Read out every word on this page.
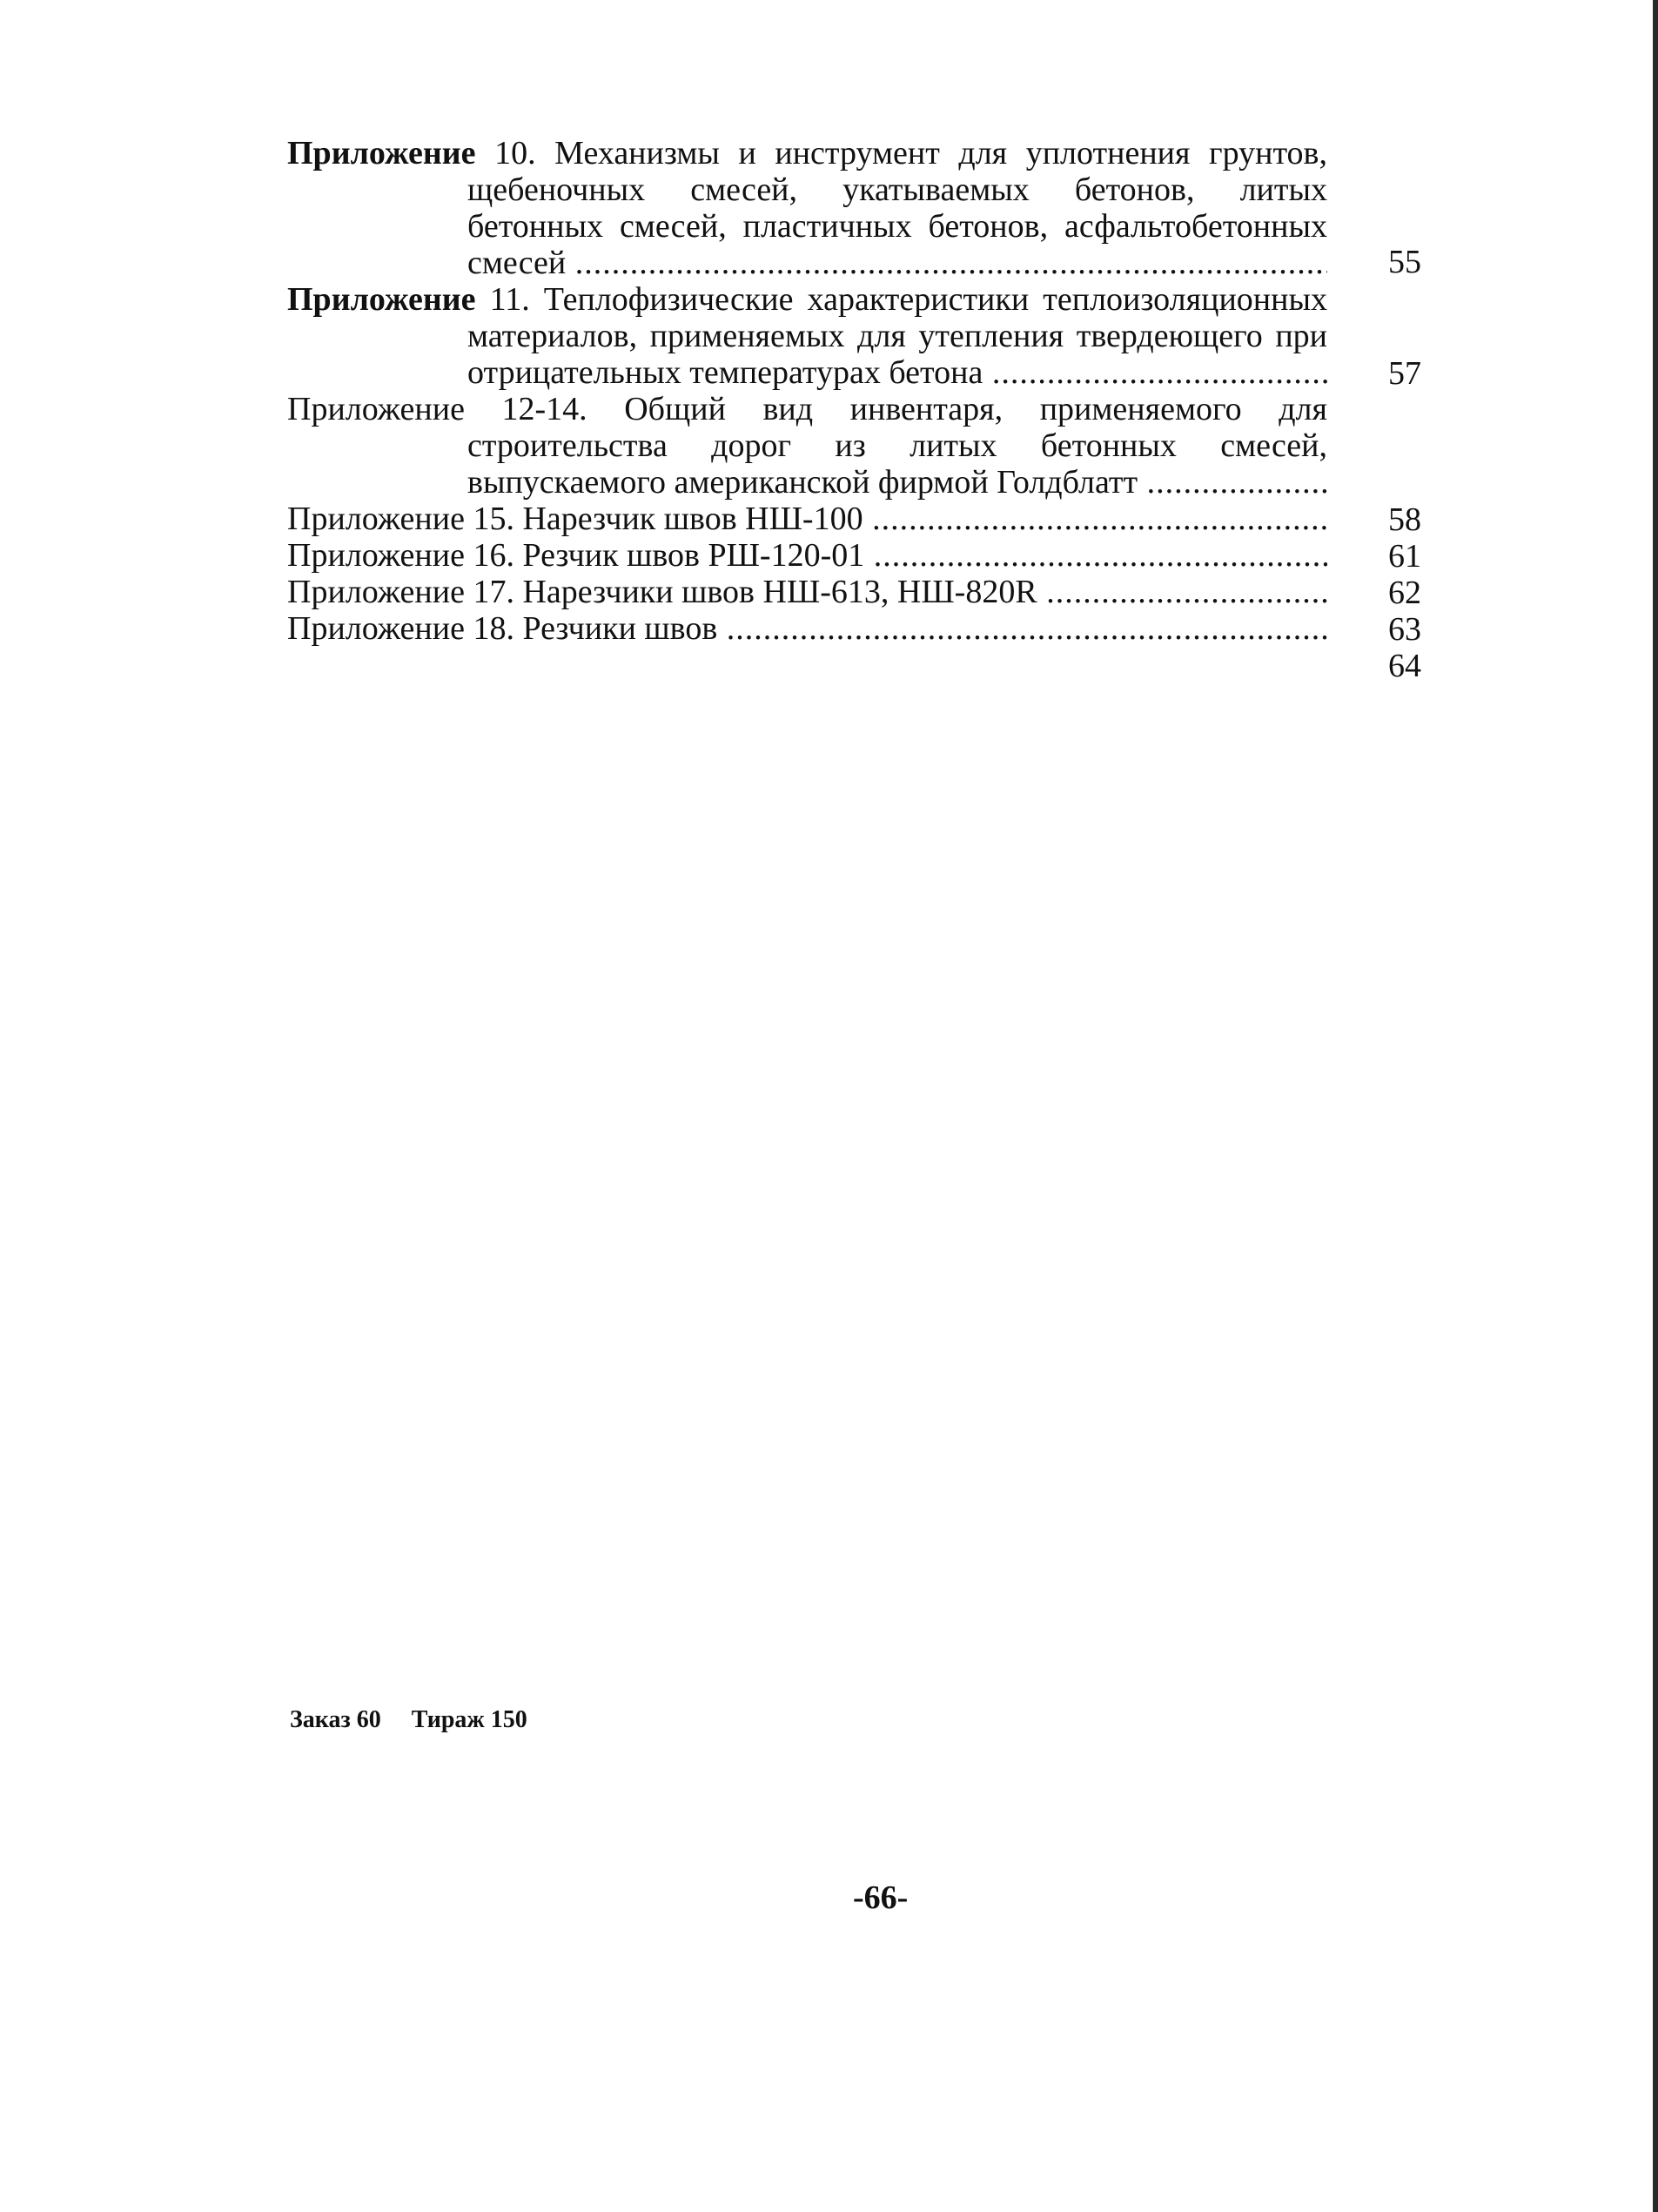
Приложение 10. Механизмы и инструмент для уплотнения грунтов,
щебеночных смесей, укатываемых бетонов, литых
бетонных смесей, пластичных бетонов, асфальтобетонных
смесей .....
Приложение 11. Теплофизические характеристики теплоизоляционных
материалов, применяемых для утепления твердеющего при
отрицательных температурах бетона .....
Приложение 12-14. Общий вид инвентаря, применяемого для
строительства дорог из литых бетонных смесей,
выпускаемого американской фирмой Голдблатт .....
Приложение 15. Нарезчик швов НШ-100 .....
Приложение 16. Резчик швов РШ-120-01 .....
Приложение 17. Нарезчики швов НШ-613, НШ-820R .....
Приложение 18. Резчики швов .....
55
57
58
61
62
63
64
Заказ 60 Тираж 150
-66-
